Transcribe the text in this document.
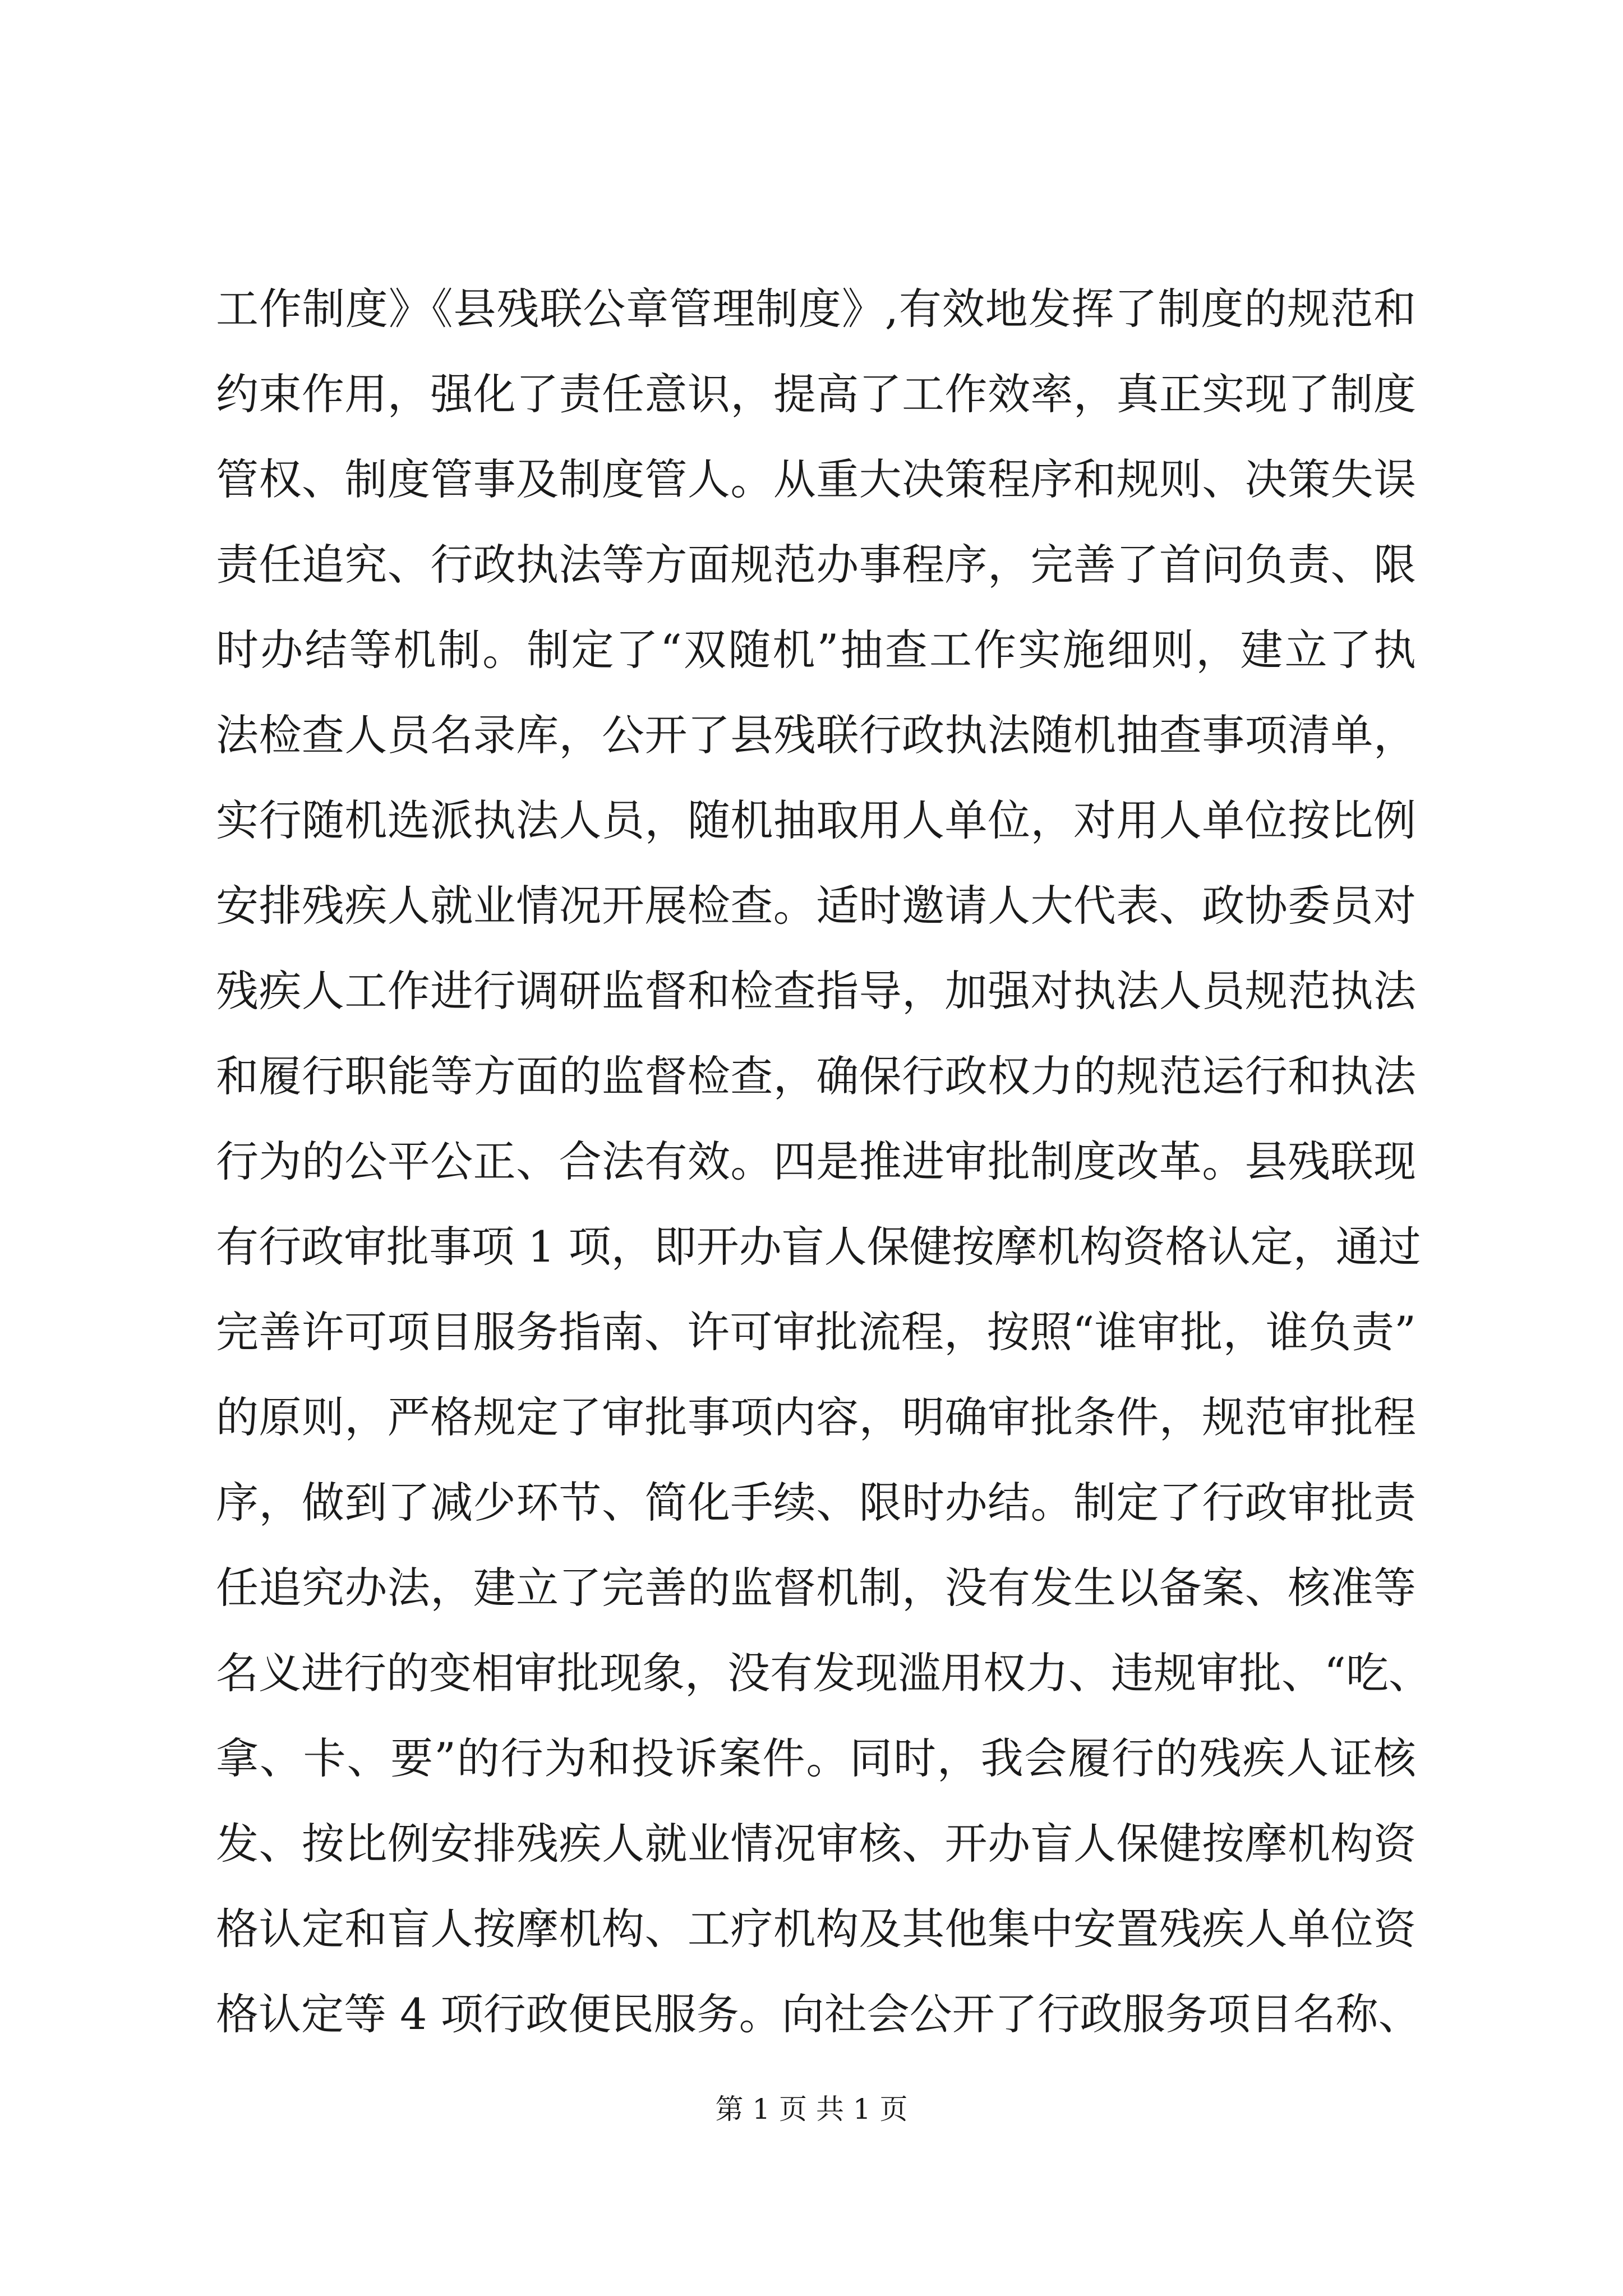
工作制度》《县残联公章管理制度》,有效地发挥了制度的规范和
约束作用，强化了责任意识，提高了工作效率，真正实现了制度
管权、制度管事及制度管人。从重大决策程序和规则、决策失误
责任追究、行政执法等方面规范办事程序，完善了首问负责、限
时办结等机制。制定了“双随机”抽查工作实施细则，建立了执
法检查人员名录库，公开了县残联行政执法随机抽查事项清单，
实行随机选派执法人员，随机抽取用人单位，对用人单位按比例
安排残疾人就业情况开展检查。适时邀请人大代表、政协委员对
残疾人工作进行调研监督和检查指导，加强对执法人员规范执法
和履行职能等方面的监督检查，确保行政权力的规范运行和执法
行为的公平公正、合法有效。四是推进审批制度改革。县残联现
有行政审批事项 1 项，即开办盲人保健按摩机构资格认定，通过
完善许可项目服务指南、许可审批流程，按照“谁审批，谁负责”
的原则，严格规定了审批事项内容，明确审批条件，规范审批程
序，做到了减少环节、简化手续、限时办结。制定了行政审批责
任追究办法，建立了完善的监督机制，没有发生以备案、核准等
名义进行的变相审批现象，没有发现滥用权力、违规审批、“吃、
拿、卡、要”的行为和投诉案件。同时，我会履行的残疾人证核
发、按比例安排残疾人就业情况审核、开办盲人保健按摩机构资
格认定和盲人按摩机构、工疗机构及其他集中安置残疾人单位资
格认定等 4 项行政便民服务。向社会公开了行政服务项目名称、
第 1 页 共 1 页
